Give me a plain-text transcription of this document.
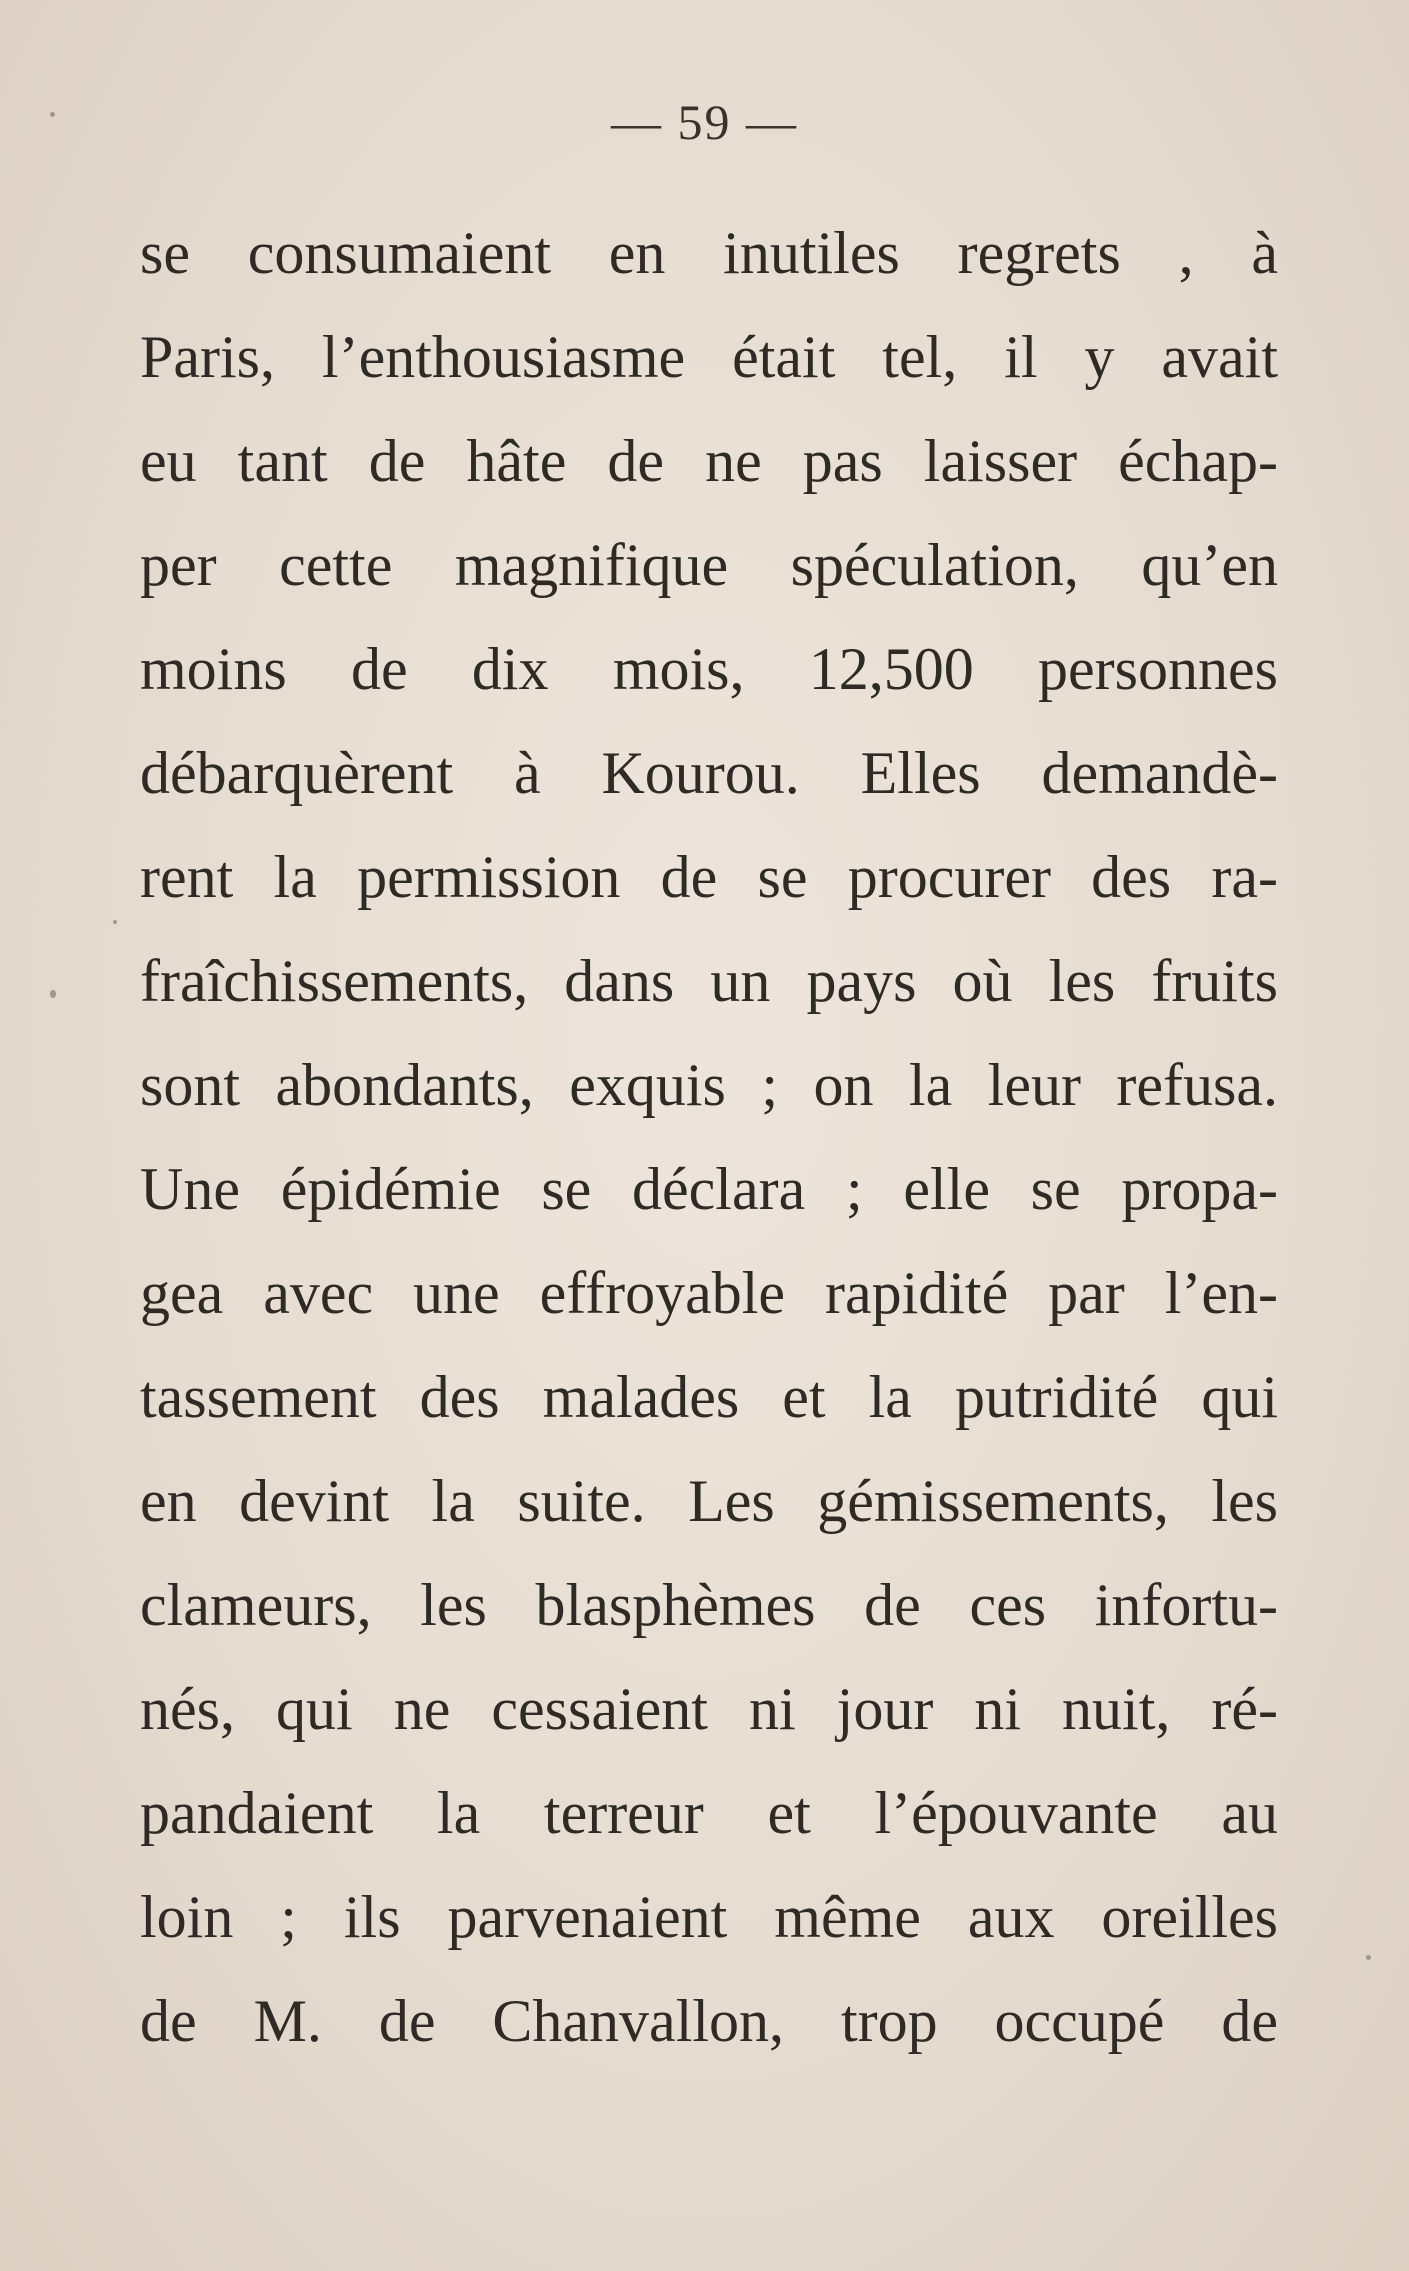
— 59 —
se consumaient en inutiles regrets , à
Paris, l’enthousiasme était tel, il y avait
eu tant de hâte de ne pas laisser échap-
per cette magnifique spéculation, qu’en
moins de dix mois, 12,500 personnes
débarquèrent à Kourou. Elles demandè-
rent la permission de se procurer des ra-
fraîchissements, dans un pays où les fruits
sont abondants, exquis ; on la leur refusa.
Une épidémie se déclara ; elle se propa-
gea avec une effroyable rapidité par l’en-
tassement des malades et la putridité qui
en devint la suite. Les gémissements, les
clameurs, les blasphèmes de ces infortu-
nés, qui ne cessaient ni jour ni nuit, ré-
pandaient la terreur et l’épouvante au
loin ; ils parvenaient même aux oreilles
de M. de Chanvallon, trop occupé de
